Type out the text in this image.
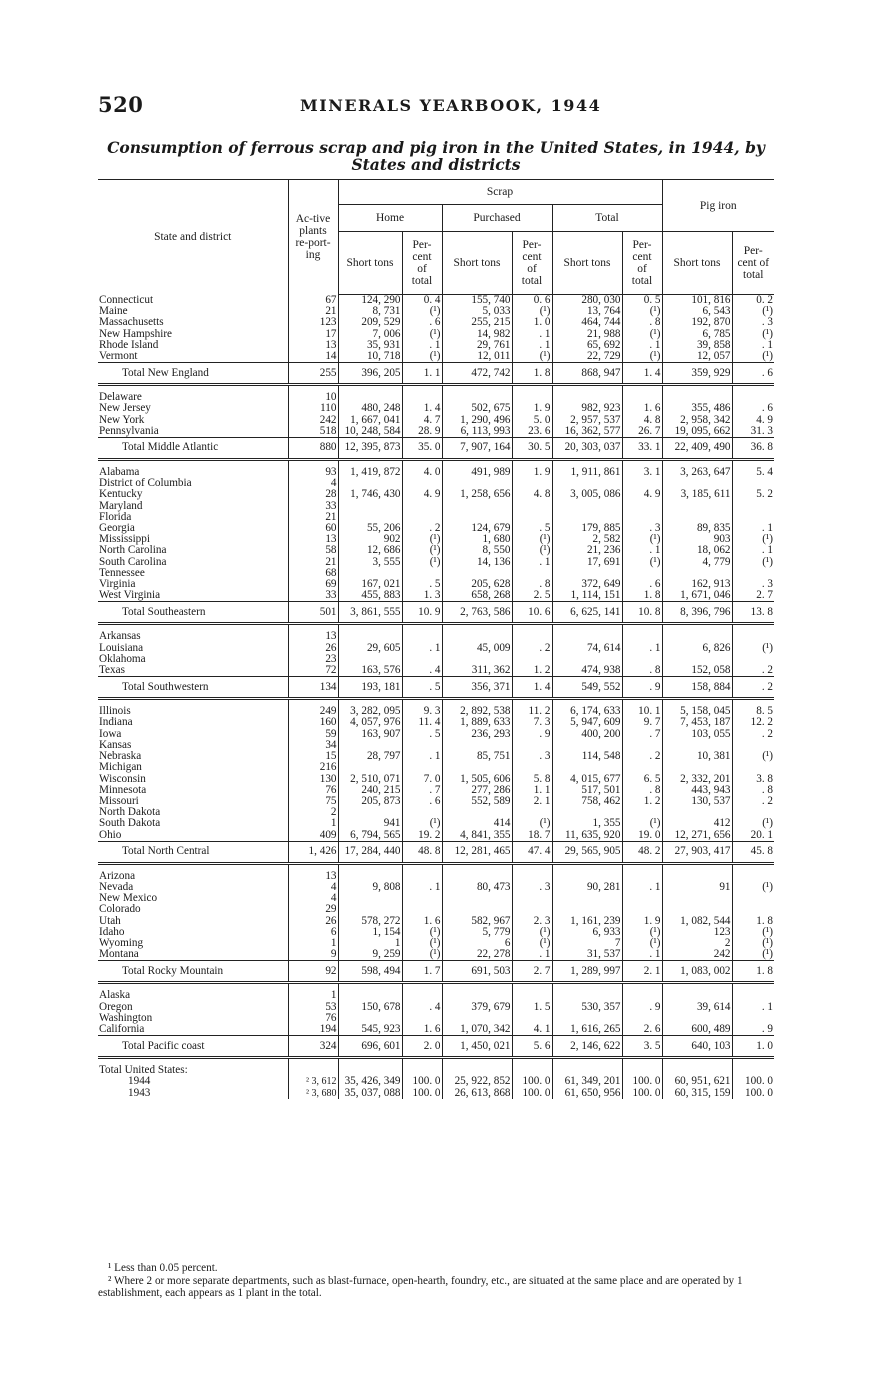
520	MINERALS YEARBOOK, 1944
Consumption of ferrous scrap and pig iron in the United States, in 1944, by States and districts
State and district	Ac-tive plants re-port-ing	Scrap						Pig iron	
		Home		Purchased		Total			
		Short tons	Per-cent of total	Short tons	Per-cent of total	Short tons	Per-cent of total	Short tons	Per-cent of total
Connecticut	67	124, 290	0. 4	155, 740	0. 6	280, 030	0. 5	101, 816	0. 2
Maine	21	8, 731	(¹)	5, 033	(¹)	13, 764	(¹)	6, 543	(¹)
Massachusetts	123	209, 529	. 6	255, 215	1. 0	464, 744	. 8	192, 870	. 3
New Hampshire	17	7, 006	(¹)	14, 982	. 1	21, 988	(¹)	6, 785	(¹)
Rhode Island	13	35, 931	. 1	29, 761	. 1	65, 692	. 1	39, 858	. 1
Vermont	14	10, 718	(¹)	12, 011	(¹)	22, 729	(¹)	12, 057	(¹)
Total New England	255	396, 205	1. 1	472, 742	1. 8	868, 947	1. 4	359, 929	. 6

Delaware	10								
New Jersey	110	480, 248	1. 4	502, 675	1. 9	982, 923	1. 6	355, 486	. 6
New York	242	1, 667, 041	4. 7	1, 290, 496	5. 0	2, 957, 537	4. 8	2, 958, 342	4. 9
Pennsylvania	518	10, 248, 584	28. 9	6, 113, 993	23. 6	16, 362, 577	26. 7	19, 095, 662	31. 3
Total Middle Atlantic	880	12, 395, 873	35. 0	7, 907, 164	30. 5	20, 303, 037	33. 1	22, 409, 490	36. 8

Alabama	93	1, 419, 872	4. 0	491, 989	1. 9	1, 911, 861	3. 1	3, 263, 647	5. 4
District of Columbia	4								
Kentucky	28	1, 746, 430	4. 9	1, 258, 656	4. 8	3, 005, 086	4. 9	3, 185, 611	5. 2
Maryland	33								
Florida	21								
Georgia	60	55, 206	. 2	124, 679	. 5	179, 885	. 3	89, 835	. 1
Mississippi	13	902	(¹)	1, 680	(¹)	2, 582	(¹)	903	(¹)
North Carolina	58	12, 686	(¹)	8, 550	(¹)	21, 236	. 1	18, 062	. 1
South Carolina	21	3, 555	(¹)	14, 136	. 1	17, 691	(¹)	4, 779	(¹)
Tennessee	68								
Virginia	69	167, 021	. 5	205, 628	. 8	372, 649	. 6	162, 913	. 3
West Virginia	33	455, 883	1. 3	658, 268	2. 5	1, 114, 151	1. 8	1, 671, 046	2. 7
Total Southeastern	501	3, 861, 555	10. 9	2, 763, 586	10. 6	6, 625, 141	10. 8	8, 396, 796	13. 8

Arkansas	13								
Louisiana	26	29, 605	. 1	45, 009	. 2	74, 614	. 1	6, 826	(¹)
Oklahoma	23								
Texas	72	163, 576	. 4	311, 362	1. 2	474, 938	. 8	152, 058	. 2
Total Southwestern	134	193, 181	. 5	356, 371	1. 4	549, 552	. 9	158, 884	. 2

Illinois	249	3, 282, 095	9. 3	2, 892, 538	11. 2	6, 174, 633	10. 1	5, 158, 045	8. 5
Indiana	160	4, 057, 976	11. 4	1, 889, 633	7. 3	5, 947, 609	9. 7	7, 453, 187	12. 2
Iowa	59	163, 907	. 5	236, 293	. 9	400, 200	. 7	103, 055	. 2
Kansas	34								
Nebraska	15	28, 797	. 1	85, 751	. 3	114, 548	. 2	10, 381	(¹)
Michigan	216								
Wisconsin	130	2, 510, 071	7. 0	1, 505, 606	5. 8	4, 015, 677	6. 5	2, 332, 201	3. 8
Minnesota	76	240, 215	. 7	277, 286	1. 1	517, 501	. 8	443, 943	. 8
Missouri	75	205, 873	. 6	552, 589	2. 1	758, 462	1. 2	130, 537	. 2
North Dakota	2								
South Dakota	1	941	(¹)	414	(¹)	1, 355	(¹)	412	(¹)
Ohio	409	6, 794, 565	19. 2	4, 841, 355	18. 7	11, 635, 920	19. 0	12, 271, 656	20. 1
Total North Central	1, 426	17, 284, 440	48. 8	12, 281, 465	47. 4	29, 565, 905	48. 2	27, 903, 417	45. 8

Arizona	13								
Nevada	4	9, 808	. 1	80, 473	. 3	90, 281	. 1	91	(¹)
New Mexico	4								
Colorado	29								
Utah	26	578, 272	1. 6	582, 967	2. 3	1, 161, 239	1. 9	1, 082, 544	1. 8
Idaho	6	1, 154	(¹)	5, 779	(¹)	6, 933	(¹)	123	(¹)
Wyoming	1	1	(¹)	6	(¹)	7	(¹)	2	(¹)
Montana	9	9, 259	(¹)	22, 278	. 1	31, 537	. 1	242	(¹)
Total Rocky Mountain	92	598, 494	1. 7	691, 503	2. 7	1, 289, 997	2. 1	1, 083, 002	1. 8

Alaska	1								
Oregon	53	150, 678	. 4	379, 679	1. 5	530, 357	. 9	39, 614	. 1
Washington	76								
California	194	545, 923	1. 6	1, 070, 342	4. 1	1, 616, 265	2. 6	600, 489	. 9
Total Pacific coast	324	696, 601	2. 0	1, 450, 021	5. 6	2, 146, 622	3. 5	640, 103	1. 0

Total United States:									
1944	² 3, 612	35, 426, 349	100. 0	25, 922, 852	100. 0	61, 349, 201	100. 0	60, 951, 621	100. 0
1943	² 3, 680	35, 037, 088	100. 0	26, 613, 868	100. 0	61, 650, 956	100. 0	60, 315, 159	100. 0
¹ Less than 0.05 percent.
² Where 2 or more separate departments, such as blast-furnace, open-hearth, foundry, etc., are situated at the same place and are operated by 1 establishment, each appears as 1 plant in the total.
